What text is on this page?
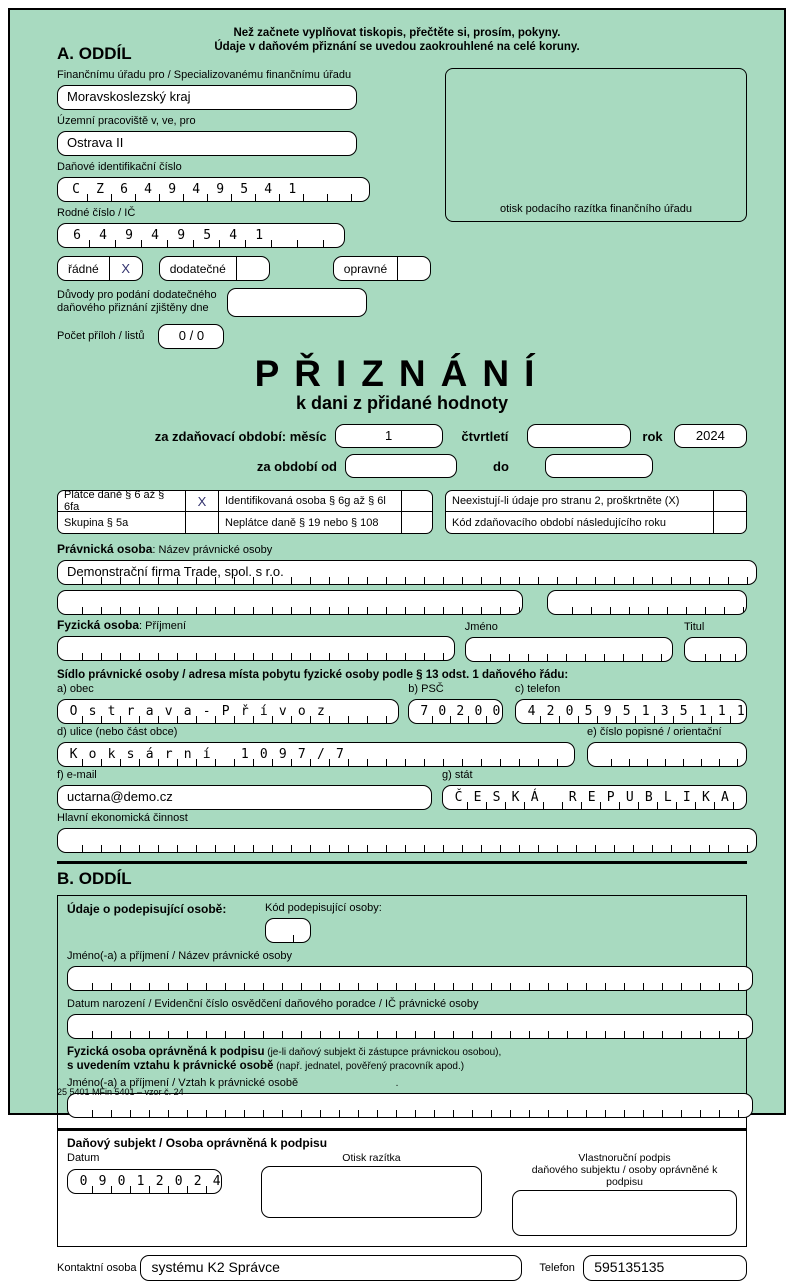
Než začnete vyplňovat tiskopis, přečtěte si, prosím, pokyny.
Údaje v daňovém přiznání se uvedou zaokrouhlené na celé koruny.
A. ODDÍL
otisk podacího razítka finančního úřadu
Finančnímu úřadu pro / Specializovanému finančnímu úřadu
Moravskoslezský kraj
Územní pracoviště v, ve, pro
Ostrava II
Daňové identifikační číslo
CZ64949541
Rodné číslo / IČ
64949541
řádné	X	dodatečné	opravné
Důvody pro podání dodatečného
daňového přiznání zjištěny dne
Počet příloh / listů	0 / 0
PŘIZNÁNÍ
k dani z přidané hodnoty
za zdaňovací období: měsíc	1	čtvrtletí	rok	2024
za období od	do
Plátce daně § 6 až § 6fa	X	Identifikovaná osoba § 6g až § 6l
Skupina § 5a	Neplátce daně § 19 nebo § 108
Neexistují-li údaje pro stranu 2, proškrtněte (X)
Kód zdaňovacího období následujícího roku
Právnická osoba: Název právnické osoby
Demonstrační firma Trade, spol. s r.o.
Fyzická osoba: Příjmení	Jméno	Titul
Sídlo právnické osoby / adresa místa pobytu fyzické osoby podle § 13 odst. 1 daňového řádu:
a) obec
Ostrava-Přívoz
b) PSČ
70200
c) telefon
420595135111
d) ulice (nebo část obce)
Koksární 1097/7
e) číslo popisné / orientační
f) e-mail
uctarna@demo.cz
g) stát
ČESKÁ REPUBLIKA
Hlavní ekonomická činnost
B. ODDÍL
Údaje o podepisující osobě:	Kód podepisující osoby:
Jméno(-a) a příjmení / Název právnické osoby
Datum narození / Evidenční číslo osvědčení daňového poradce / IČ právnické osoby
Fyzická osoba oprávněná k podpisu (je-li daňový subjekt či zástupce právnickou osobou),
s uvedením vztahu k právnické osobě (např. jednatel, pověřený pracovník apod.)
Jméno(-a) a příjmení / Vztah k právnické osobě
Daňový subjekt / Osoba oprávněná k podpisu
Datum
09012024
Otisk razítka	Vlastnoruční podpis
daňového subjektu / osoby oprávněné k podpisu
Kontaktní osoba	systému K2 Správce	Telefon	595135135
25 5401 MFin 5401 – vzor č. 24
.
